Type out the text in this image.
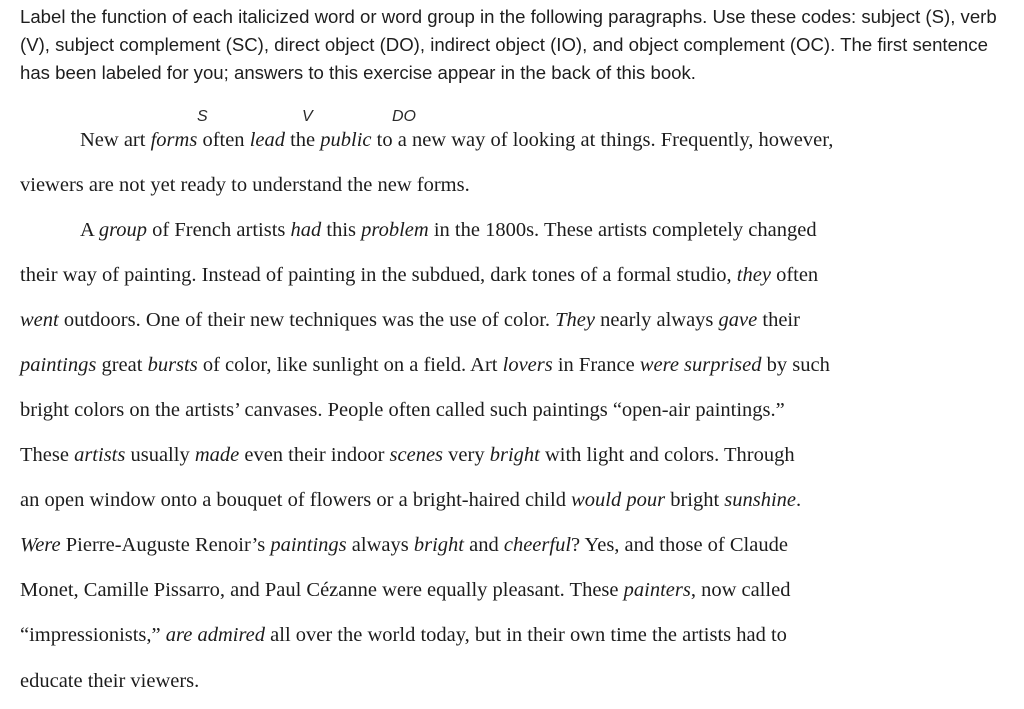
Label the function of each italicized word or word group in the following paragraphs. Use these codes: subject (S), verb (V), subject complement (SC), direct object (DO), indirect object (IO), and object complement (OC). The first sentence has been labeled for you; answers to this exercise appear in the back of this book.
S	V	DO
New art forms often lead the public to a new way of looking at things. Frequently, however,
viewers are not yet ready to understand the new forms.
A group of French artists had this problem in the 1800s. These artists completely changed
their way of painting. Instead of painting in the subdued, dark tones of a formal studio, they often
went outdoors. One of their new techniques was the use of color. They nearly always gave their
paintings great bursts of color, like sunlight on a field. Art lovers in France were surprised by such
bright colors on the artists’ canvases. People often called such paintings “open-air paintings.”
These artists usually made even their indoor scenes very bright with light and colors. Through
an open window onto a bouquet of flowers or a bright-haired child would pour bright sunshine.
Were Pierre-Auguste Renoir’s paintings always bright and cheerful? Yes, and those of Claude
Monet, Camille Pissarro, and Paul Cézanne were equally pleasant. These painters, now called
“impressionists,” are admired all over the world today, but in their own time the artists had to
educate their viewers.
